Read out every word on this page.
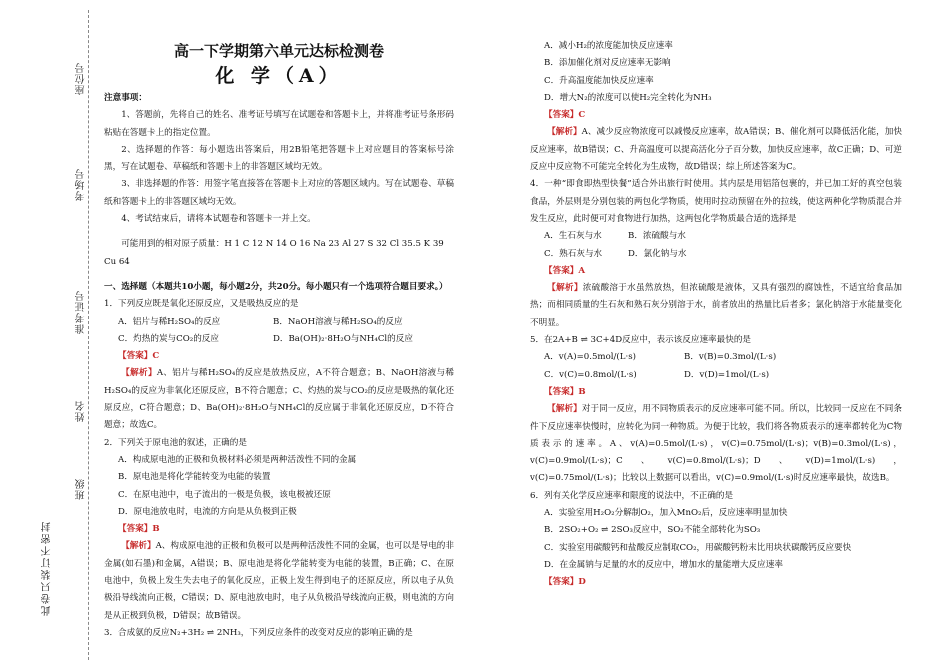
座位号
考场号
准考证号
姓名
班级
此卷只装订不密封

高一下学期第六单元达标检测卷

化 学（A）

注意事项：

1、答题前，先将自己的姓名、准考证号填写在试题卷和答题卡上，并将准考证号条形码粘贴在答题卡上的指定位置。

2、选择题的作答：每小题选出答案后，用2B铅笔把答题卡上对应题目的答案标号涂黑，写在试题卷、草稿纸和答题卡上的非答题区域均无效。

3、非选择题的作答：用签字笔直接答在答题卡上对应的答题区域内。写在试题卷、草稿纸和答题卡上的非答题区域均无效。

4、考试结束后，请将本试题卷和答题卡一并上交。

可能用到的相对原子质量：H 1 C 12 N 14 O 16 Na 23 Al 27 S 32 Cl 35.5 K 39 Cu 64

一、选择题（本题共10小题，每小题2分，共20分。每小题只有一个选项符合题目要求。）

1．下列反应既是氧化还原反应，又是吸热反应的是

A．铝片与稀H₂SO₄的反应	B．NaOH溶液与稀H₂SO₄的反应
C．灼热的炭与CO₂的反应	D．Ba(OH)₂·8H₂O与NH₄Cl的反应

【答案】C

【解析】A、铝片与稀H₂SO₄的反应是放热反应，A不符合题意；B、NaOH溶液与稀H₂SO₄的反应为非氧化还原反应，B不符合题意；C、灼热的炭与CO₂的反应是吸热的氧化还原反应，C符合题意；D、Ba(OH)₂·8H₂O与NH₄Cl的反应属于非氧化还原反应，D不符合题意；故选C。

2．下列关于原电池的叙述，正确的是

A．构成原电池的正极和负极材料必须是两种活泼性不同的金属

B．原电池是将化学能转变为电能的装置

C．在原电池中，电子流出的一极是负极，该电极被还原

D．原电池放电时，电流的方向是从负极到正极

【答案】B

【解析】A、构成原电池的正极和负极可以是两种活泼性不同的金属，也可以是导电的非金属(如石墨)和金属，A错误；B、原电池是将化学能转变为电能的装置，B正确；C、在原电池中，负极上发生失去电子的氧化反应，正极上发生得到电子的还原反应，所以电子从负极沿导线流向正极，C错误；D、原电池放电时，电子从负极沿导线流向正极，则电流的方向是从正极到负极，D错误；故B错误。

3．合成氨的反应N₂+3H₂ ⇌ 2NH₃，下列反应条件的改变对反应的影响正确的是

A．减小H₂的浓度能加快反应速率

B．添加催化剂对反应速率无影响

C．升高温度能加快反应速率

D．增大N₂的浓度可以使H₂完全转化为NH₃

【答案】C

【解析】A、减少反应物浓度可以减慢反应速率，故A错误；B、催化剂可以降低活化能，加快反应速率，故B错误；C、升高温度可以提高活化分子百分数，加快反应速率，故C正确；D、可逆反应中反应物不可能完全转化为生成物，故D错误；综上所述答案为C。

4．一种“即食即热型快餐”适合外出旅行时使用。其内层是用铝箔包裹的，并已加工好的真空包装食品，外层则是分别包装的两包化学物质，使用时拉动预留在外的拉线，使这两种化学物质混合并发生反应，此时便可对食物进行加热，这两包化学物质最合适的选择是

A．生石灰与水	B．浓硫酸与水
C．熟石灰与水	D．氯化钠与水

【答案】A

【解析】浓硫酸溶于水虽然放热，但浓硫酸是液体，又具有强烈的腐蚀性，不适宜给食品加热；而相同质量的生石灰和熟石灰分别溶于水，前者放出的热量比后者多；氯化钠溶于水能量变化不明显。

5．在2A+B ⇌ 3C+4D反应中，表示该反应速率最快的是

A．v(A)=0.5mol/(L·s)	B．v(B)=0.3mol/(L·s)
C．v(C)=0.8mol/(L·s)	D．v(D)=1mol/(L·s)

【答案】B

【解析】对于同一反应，用不同物质表示的反应速率可能不同。所以，比较同一反应在不同条件下反应速率快慢时，应转化为同一种物质。为便于比较，我们将各物质表示的速率都转化为C物质表示的速率。A、v(A)=0.5mol/(L·s)，v(C)=0.75mol/(L·s)；v(B)=0.3mol/(L·s)，v(C)=0.9mol/(L·s)；C、v(C)=0.8mol/(L·s)；D、v(D)=1mol/(L·s)，v(C)=0.75mol/(L·s)；比较以上数据可以看出，v(C)=0.9mol/(L·s)时反应速率最快，故选B。

6．列有关化学反应速率和限度的说法中，不正确的是

A．实验室用H₂O₂分解制O₂，加入MnO₂后，反应速率明显加快

B．2SO₂+O₂ ⇌ 2SO₃反应中，SO₂不能全部转化为SO₃

C．实验室用碳酸钙和盐酸反应制取CO₂，用碳酸钙粉末比用块状碳酸钙反应要快

D．在金属钠与足量的水的反应中，增加水的量能增大反应速率

【答案】D
